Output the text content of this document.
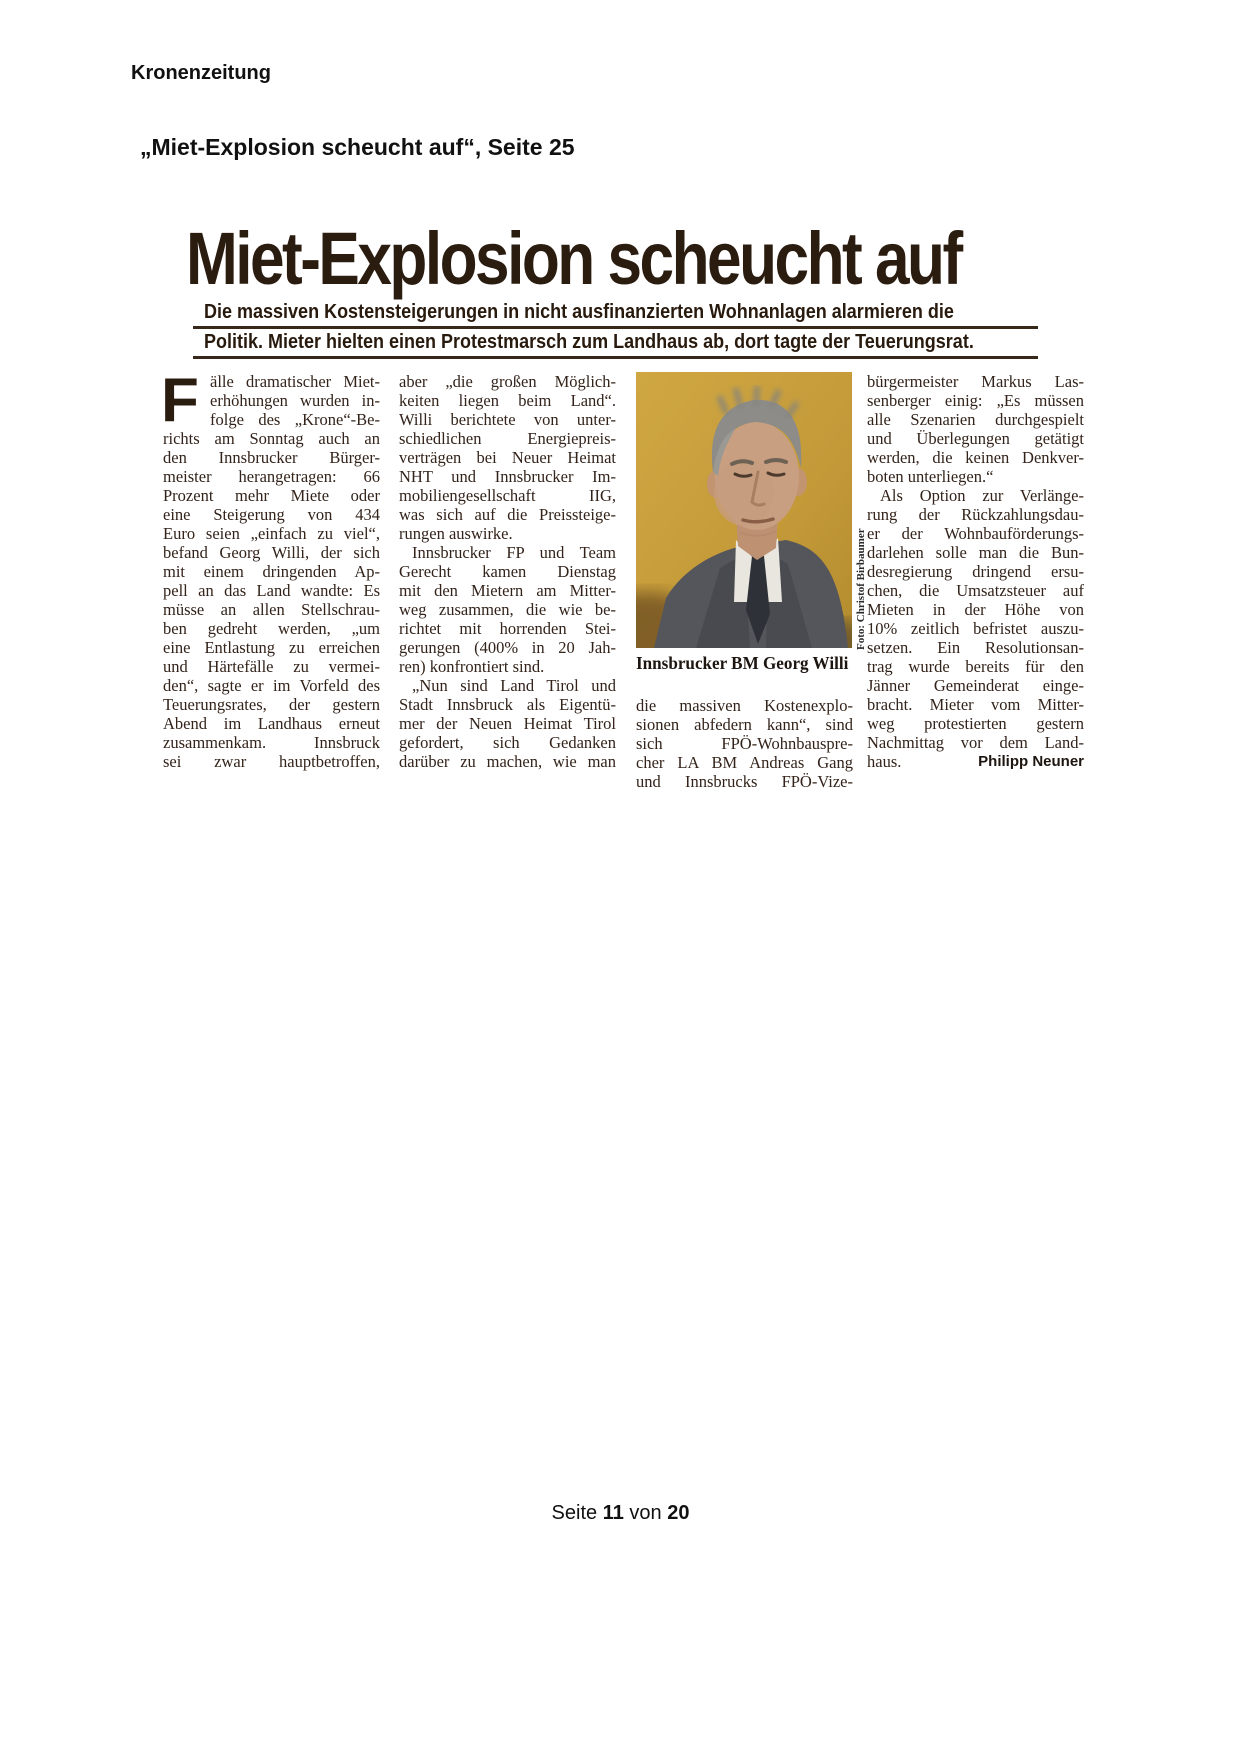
Kronenzeitung
„Miet-Explosion scheucht auf“, Seite 25
Miet-Explosion scheucht auf
Die massiven Kostensteigerungen in nicht ausfinanzierten Wohnanlagen alarmieren die
Politik. Mieter hielten einen Protestmarsch zum Landhaus ab, dort tagte der Teuerungsrat.
F älle dramatischer Miet-
erhöhungen wurden in-
folge des „Krone“-Be-
richts am Sonntag auch an
den Innsbrucker Bürger-
meister herangetragen: 66
Prozent mehr Miete oder
eine Steigerung von 434
Euro seien „einfach zu viel“,
befand Georg Willi, der sich
mit einem dringenden Ap-
pell an das Land wandte: Es
müsse an allen Stellschrau-
ben gedreht werden, „um
eine Entlastung zu erreichen
und Härtefälle zu vermei-
den“, sagte er im Vorfeld des
Teuerungsrates, der gestern
Abend im Landhaus erneut
zusammenkam. Innsbruck
sei zwar hauptbetroffen,
aber „die großen Möglich-
keiten liegen beim Land“.
Willi berichtete von unter-
schiedlichen Energiepreis-
verträgen bei Neuer Heimat
NHT und Innsbrucker Im-
mobiliengesellschaft IIG,
was sich auf die Preissteige-
rungen auswirke.
Innsbrucker FP und Team
Gerecht kamen Dienstag
mit den Mietern am Mitter-
weg zusammen, die wie be-
richtet mit horrenden Stei-
gerungen (400% in 20 Jah-
ren) konfrontiert sind.
„Nun sind Land Tirol und
Stadt Innsbruck als Eigentü-
mer der Neuen Heimat Tirol
gefordert, sich Gedanken
darüber zu machen, wie man
Foto: Christof Birbaumer
Innsbrucker BM Georg Willi
die massiven Kostenexplo-
sionen abfedern kann“, sind
sich FPÖ-Wohnbauspre-
cher LA BM Andreas Gang
und Innsbrucks FPÖ-Vize-
bürgermeister Markus Las-
senberger einig: „Es müssen
alle Szenarien durchgespielt
und Überlegungen getätigt
werden, die keinen Denkver-
boten unterliegen.“
Als Option zur Verlänge-
rung der Rückzahlungsdau-
er der Wohnbauförderungs-
darlehen solle man die Bun-
desregierung dringend ersu-
chen, die Umsatzsteuer auf
Mieten in der Höhe von
10% zeitlich befristet auszu-
setzen. Ein Resolutionsan-
trag wurde bereits für den
Jänner Gemeinderat einge-
bracht. Mieter vom Mitter-
weg protestierten gestern
Nachmittag vor dem Land-
haus.	Philipp Neuner
Seite 11 von 20
